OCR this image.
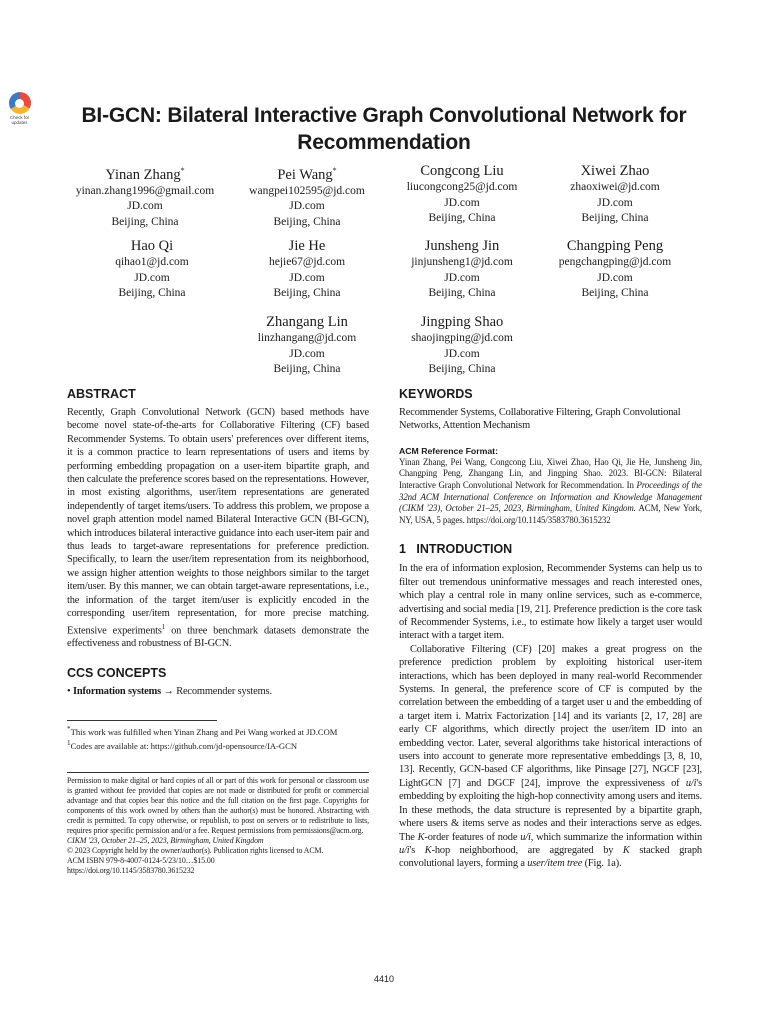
Check for updates	BI-GCN: Bilateral Interactive Graph Convolutional Network for Recommendation
Yinan Zhang*
yinan.zhang1996@gmail.com
JD.com
Beijing, China
Pei Wang*
wangpei102595@jd.com
JD.com
Beijing, China
Congcong Liu
liucongcong25@jd.com
JD.com
Beijing, China
Xiwei Zhao
zhaoxiwei@jd.com
JD.com
Beijing, China
Hao Qi
qihao1@jd.com
JD.com
Beijing, China
Jie He
hejie67@jd.com
JD.com
Beijing, China
Junsheng Jin
jinjunsheng1@jd.com
JD.com
Beijing, China
Changping Peng
pengchangping@jd.com
JD.com
Beijing, China
Zhangang Lin
linzhangang@jd.com
JD.com
Beijing, China
Jingping Shao
shaojingping@jd.com
JD.com
Beijing, China
ABSTRACT

Recently, Graph Convolutional Network (GCN) based methods have become novel state-of-the-arts for Collaborative Filtering (CF) based Recommender Systems. To obtain users' preferences over different items, it is a common practice to learn representations of users and items by performing embedding propagation on a user-item bipartite graph, and then calculate the preference scores based on the representations. However, in most existing algorithms, user/item representations are generated independently of target items/users. To address this problem, we propose a novel graph attention model named Bilateral Interactive GCN (BI-GCN), which introduces bilateral interactive guidance into each user-item pair and thus leads to target-aware representations for preference prediction. Specifically, to learn the user/item representation from its neighborhood, we assign higher attention weights to those neighbors similar to the target item/user. By this manner, we can obtain target-aware representations, i.e., the information of the target item/user is explicitly encoded in the corresponding user/item representation, for more precise matching. Extensive experiments$^1$ on three benchmark datasets demonstrate the effectiveness and robustness of BI-GCN.

CCS CONCEPTS

• Information systems → Recommender systems.

*This work was fulfilled when Yinan Zhang and Pei Wang worked at JD.COM

$^1$Codes are available at: https://github.com/jd-opensource/IA-GCN

Permission to make digital or hard copies of all or part of this work for personal or classroom use is granted without fee provided that copies are not made or distributed for profit or commercial advantage and that copies bear this notice and the full citation on the first page. Copyrights for components of this work owned by others than the author(s) must be honored. Abstracting with credit is permitted. To copy otherwise, or republish, to post on servers or to redistribute to lists, requires prior specific permission and/or a fee. Request permissions from permissions@acm.org.

CIKM '23, October 21–25, 2023, Birmingham, United Kingdom

© 2023 Copyright held by the owner/author(s). Publication rights licensed to ACM.

ACM ISBN 979-8-4007-0124-5/23/10…$15.00

https://doi.org/10.1145/3583780.3615232

KEYWORDS

Recommender Systems, Collaborative Filtering, Graph Convolutional Networks, Attention Mechanism

ACM Reference Format:

Yinan Zhang, Pei Wang, Congcong Liu, Xiwei Zhao, Hao Qi, Jie He, Junsheng Jin, Changping Peng, Zhangang Lin, and Jingping Shao. 2023. BI-GCN: Bilateral Interactive Graph Convolutional Network for Recommendation. In Proceedings of the 32nd ACM International Conference on Information and Knowledge Management (CIKM '23), October 21–25, 2023, Birmingham, United Kingdom. ACM, New York, NY, USA, 5 pages. https://doi.org/10.1145/3583780.3615232

1 INTRODUCTION

In the era of information explosion, Recommender Systems can help us to filter out tremendous uninformative messages and reach interested ones, which play a central role in many online services, such as e-commerce, advertising and social media [19, 21]. Preference prediction is the core task of Recommender Systems, i.e., to estimate how likely a target user would interact with a target item.

Collaborative Filtering (CF) [20] makes a great progress on the preference prediction problem by exploiting historical user-item interactions, which has been deployed in many real-world Recommender Systems. In general, the preference score of CF is computed by the correlation between the embedding of a target user u and the embedding of a target item i. Matrix Factorization [14] and its variants [2, 17, 28] are early CF algorithms, which directly project the user/item ID into an embedding vector. Later, several algorithms take historical interactions of users into account to generate more representative embeddings [3, 8, 10, 13]. Recently, GCN-based CF algorithms, like Pinsage [27], NGCF [23], LightGCN [7] and DGCF [24], improve the expressiveness of u/i's embedding by exploiting the high-hop connectivity among users and items. In these methods, the data structure is represented by a bipartite graph, where users & items serve as nodes and their interactions serve as edges. The K-order features of node u/i, which summarize the information within u/i's K-hop neighborhood, are aggregated by K stacked graph convolutional layers, forming a user/item tree (Fig. 1a).

4410
